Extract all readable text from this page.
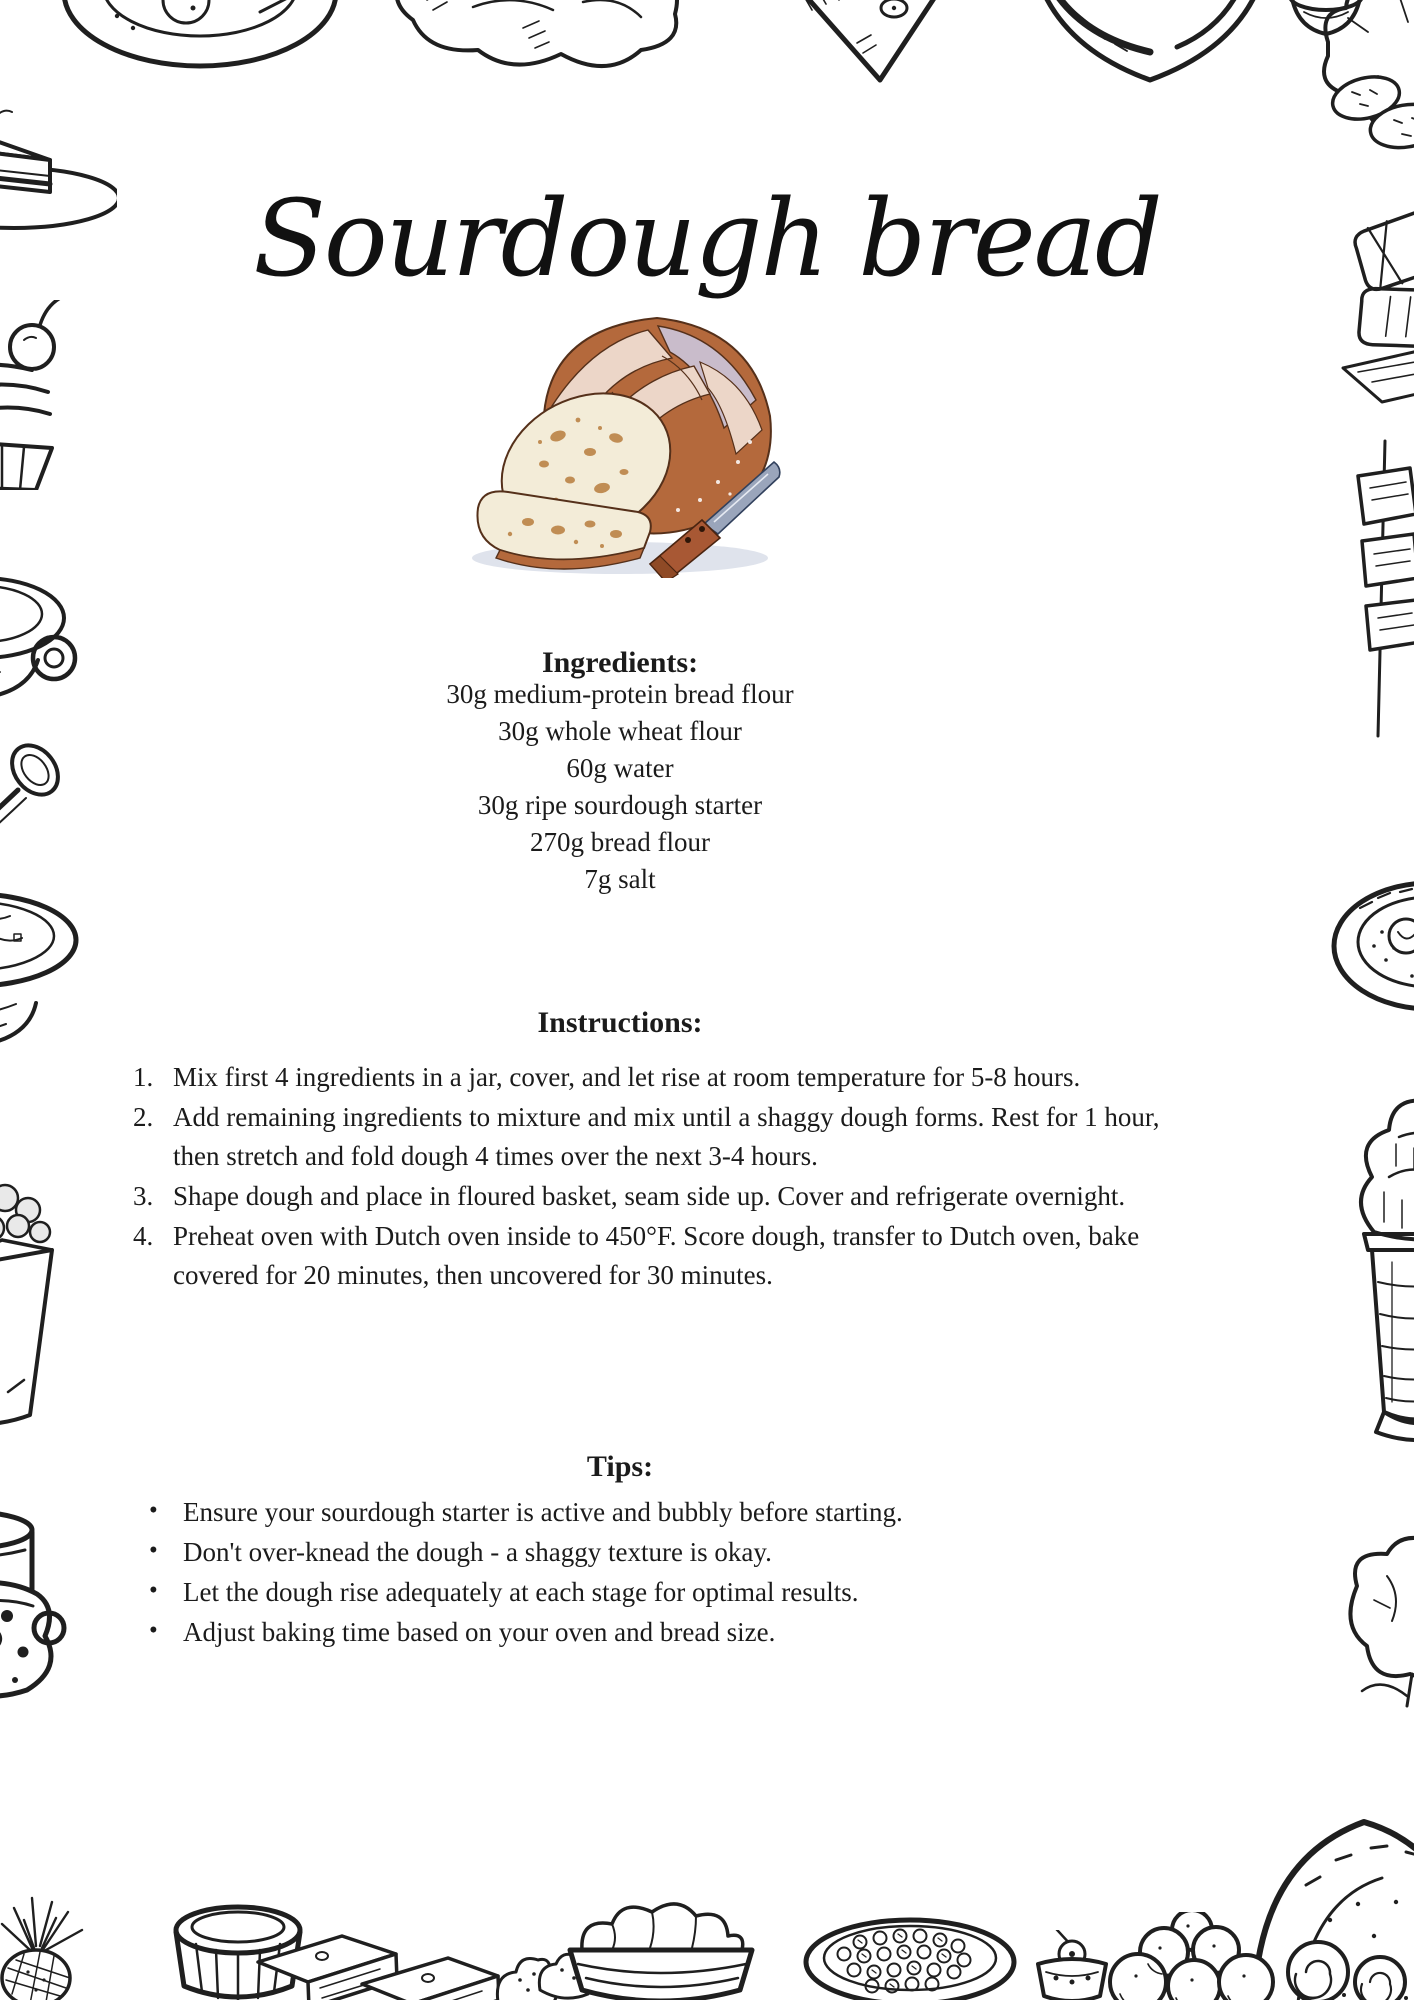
Sourdough bread
Ingredients:
30g medium-protein bread flour
30g whole wheat flour
60g water
30g ripe sourdough starter
270g bread flour
7g salt
Instructions:
Mix first 4 ingredients in a jar, cover, and let rise at room temperature for 5-8 hours.
Add remaining ingredients to mixture and mix until a shaggy dough forms. Rest for 1 hour, then stretch and fold dough 4 times over the next 3-4 hours.
Shape dough and place in floured basket, seam side up. Cover and refrigerate overnight.
Preheat oven with Dutch oven inside to 450°F. Score dough, transfer to Dutch oven, bake covered for 20 minutes, then uncovered for 30 minutes.
Tips:
• Ensure your sourdough starter is active and bubbly before starting.
• Don't over-knead the dough - a shaggy texture is okay.
• Let the dough rise adequately at each stage for optimal results.
• Adjust baking time based on your oven and bread size.
